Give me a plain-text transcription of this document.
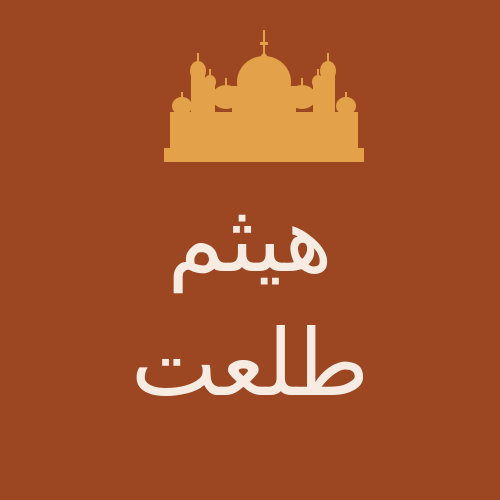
هيثم
طلعت
